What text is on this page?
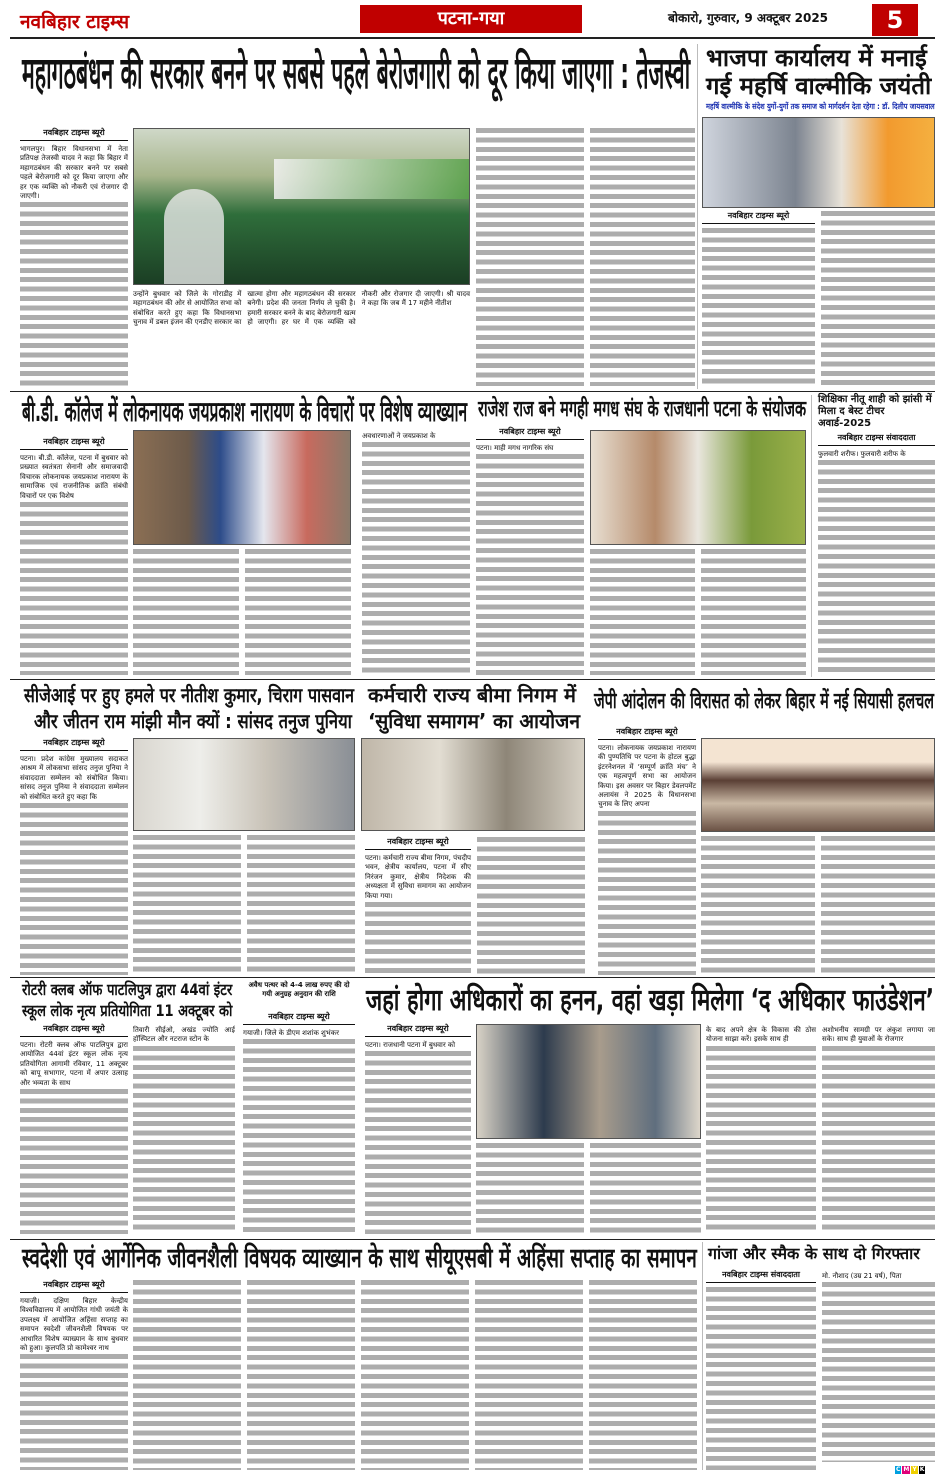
नवबिहार टाइम्स	पटना-गया	बोकारो, गुरुवार, 9 अक्टूबर 2025	5
महागठबंधन की सरकार बनने पर सबसे पहले बेरोजगारी को दूर किया जाएगा : तेजस्वी
नवबिहार टाइम्स ब्यूरो

भागलपुर। बिहार विधानसभा में नेता प्रतिपक्ष तेजस्वी यादव ने कहा कि बिहार में महागठबंधन की सरकार बनने पर सबसे पहले बेरोजगारी को दूर किया जाएगा और हर एक व्यक्ति को नौकरी एवं रोजगार दी जाएगी।

उन्होंने बुधवार को जिले के गोराडीह में महागठबंधन की ओर से आयोजित सभा को संबोधित करते हुए कहा कि विधानसभा चुनाव में डबल इंजन की एनडीए सरकार का खात्मा होगा और महागठबंधन की सरकार बनेगी। प्रदेश की जनता निर्णय ले चुकी है। हमारी सरकार बनने के बाद बेरोजगारी खत्म हो जाएगी। हर घर में एक व्यक्ति को नौकरी और रोजगार दी जाएगी। श्री यादव ने कहा कि जब मैं 17 महीने नीतीश

भाजपा कार्यालय में मनाई
गई महर्षि वाल्मीकि जयंती
महर्षि वाल्मीकि के संदेश युगों-युगों तक समाज को मार्गदर्शन देता रहेगा : डॉ. दिलीप जायसवाल
नवबिहार टाइम्स ब्यूरो
बी.डी. कॉलेज में लोकनायक जयप्रकाश नारायण के विचारों पर विशेष व्याख्यान
नवबिहार टाइम्स ब्यूरो

पटना। बी.डी. कॉलेज, पटना में बुधवार को प्रख्यात स्वतंत्रता सेनानी और समाजवादी विचारक लोकनायक जयप्रकाश नारायण के सामाजिक एवं राजनीतिक क्रांति संबंधी विचारों पर एक विशेष

अवधारणाओं ने जयप्रकाश के

राजेश राज बने मगही मगध संघ के राजधानी पटना के संयोजक
नवबिहार टाइम्स ब्यूरो

पटना। माही मगध नागरिक संघ

शिक्षिका नीतू शाही को झांसी में मिला द बेस्ट टीचर अवार्ड-2025
नवबिहार टाइम्स संवाददाता

फुलवारी शरीफ। फुलवारी शरीफ के

सीजेआई पर हुए हमले पर नीतीश कुमार, चिराग पासवान
और जीतन राम मांझी मौन क्यों : सांसद तनुज पुनिया
नवबिहार टाइम्स ब्यूरो

पटना। प्रदेश कांग्रेस मुख्यालय सदाकत आश्रम में लोकसभा सांसद तनुज पुनिया ने संवाददाता सम्मेलन को संबोधित किया। सांसद तनुज पुनिया ने संवाददाता सम्मेलन को संबोधित करते हुए कहा कि

कर्मचारी राज्य बीमा निगम में
‘सुविधा समागम’ का आयोजन
नवबिहार टाइम्स ब्यूरो

पटना। कर्मचारी राज्य बीमा निगम, पंचदीप भवन, क्षेत्रीय कार्यालय, पटना में सीए निरंजन कुमार, क्षेत्रीय निदेशक की अध्यक्षता में सुविधा समागम का आयोजन किया गया।

जेपी आंदोलन की विरासत को लेकर बिहार में नई सियासी हलचल
नवबिहार टाइम्स ब्यूरो

पटना। लोकनायक जयप्रकाश नारायण की पुण्यतिथि पर पटना के होटल बुद्धा इंटरनेशनल में ‘सम्पूर्ण क्रांति मंच’ ने एक महत्वपूर्ण सभा का आयोजन किया। इस अवसर पर बिहार डेवलपमेंट अलायंस ने 2025 के विधानसभा चुनाव के लिए अपना

रोटरी क्लब ऑफ पाटलिपुत्र द्वारा 44वां इंटर
स्कूल लोक नृत्य प्रतियोगिता 11 अक्टूबर को
नवबिहार टाइम्स ब्यूरो

पटना। रोटरी क्लब ऑफ पाटलिपुत्र द्वारा आयोजित 44वां इंटर स्कूल लोक नृत्य प्रतियोगिता आगामी रविवार, 11 अक्टूबर को बापू सभागार, पटना में अपार उत्साह और भव्यता के साथ

तिवारी सीईओ, अखंड ज्योति आई हॉस्पिटल और नटराज स्टोन के

अवैध पत्थर को 4-4 लाख रुपए की दो गयी अनुग्रह अनुदान की राशि
नवबिहार टाइम्स ब्यूरो

गयाजी। जिले के डीएम शशांक शुभंकर

जहां होगा अधिकारों का हनन, वहां खड़ा मिलेगा ‘द अधिकार फाउंडेशन’
नवबिहार टाइम्स ब्यूरो

पटना। राजधानी पटना में बुधवार को

के बाद अपने क्षेत्र के विकास की ठोस योजना साझा करें। इसके साथ ही

अशोभनीय सामग्री पर अंकुश लगाया जा सके। साथ ही युवाओं के रोजगार

स्वदेशी एवं आर्गेनिक जीवनशैली विषयक व्याख्यान के साथ सीयूएसबी में अहिंसा सप्ताह का समापन
नवबिहार टाइम्स ब्यूरो

गयाजी। दक्षिण बिहार केन्द्रीय विश्वविद्यालय में आयोजित गांधी जयंती के उपलक्ष्य में आयोजित अहिंसा सप्ताह का समापन स्वदेशी जीवनशैली विषयक पर आधारित विशेष व्याख्यान के साथ बुधवार को हुआ। कुलपति प्रो कामेश्वर नाथ

गांजा और स्मैक के साथ दो गिरफ्तार
नवबिहार टाइम्स संवाददाता	मो. नौशाद (उम्र 21 वर्ष), पिता

C M Y K
